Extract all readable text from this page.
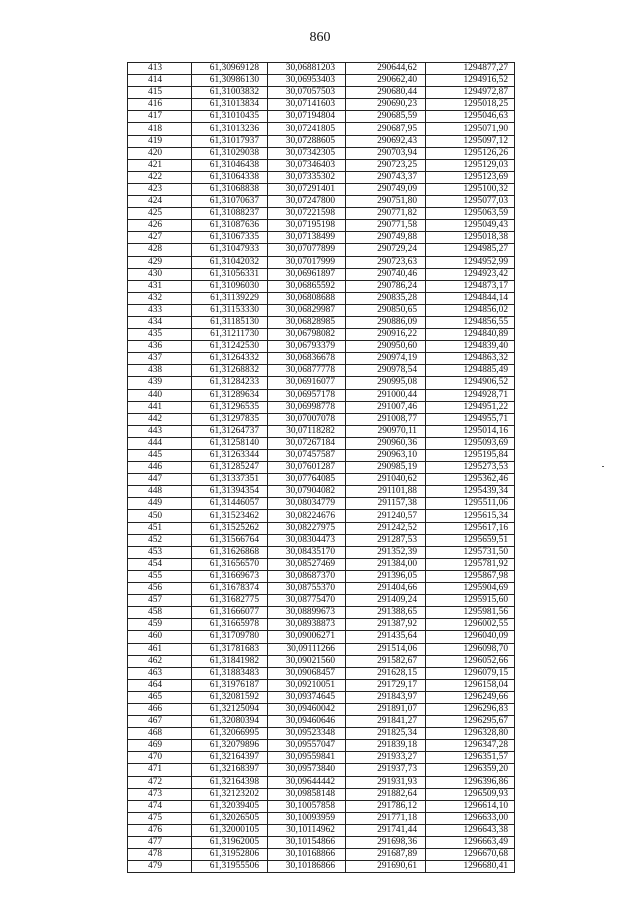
860
413	61,30969128	30,06881203	290644,62	1294877,27
414	61,30986130	30,06953403	290662,40	1294916,52
415	61,31003832	30,07057503	290680,44	1294972,87
416	61,31013834	30,07141603	290690,23	1295018,25
417	61,31010435	30,07194804	290685,59	1295046,63
418	61,31013236	30,07241805	290687,95	1295071,90
419	61,31017937	30,07288605	290692,43	1295097,12
420	61,31029038	30,07342305	290703,94	1295126,26
421	61,31046438	30,07346403	290723,25	1295129,03
422	61,31064338	30,07335302	290743,37	1295123,69
423	61,31068838	30,07291401	290749,09	1295100,32
424	61,31070637	30,07247800	290751,80	1295077,03
425	61,31088237	30,07221598	290771,82	1295063,59
426	61,31087636	30,07195198	290771,58	1295049,43
427	61,31067335	30,07138499	290749,88	1295018,38
428	61,31047933	30,07077899	290729,24	1294985,27
429	61,31042032	30,07017999	290723,63	1294952,99
430	61,31056331	30,06961897	290740,46	1294923,42
431	61,31096030	30,06865592	290786,24	1294873,17
432	61,31139229	30,06808688	290835,28	1294844,14
433	61,31153330	30,06829987	290850,65	1294856,02
434	61,31185130	30,06828985	290886,09	1294856,55
435	61,31211730	30,06798082	290916,22	1294840,89
436	61,31242530	30,06793379	290950,60	1294839,40
437	61,31264332	30,06836678	290974,19	1294863,32
438	61,31268832	30,06877778	290978,54	1294885,49
439	61,31284233	30,06916077	290995,08	1294906,52
440	61,31289634	30,06957178	291000,44	1294928,71
441	61,31296535	30,06998778	291007,46	1294951,22
442	61,31297835	30,07007078	291008,77	1294955,71
443	61,31264737	30,07118282	290970,11	1295014,16
444	61,31258140	30,07267184	290960,36	1295093,69
445	61,31263344	30,07457587	290963,10	1295195,84
446	61,31285247	30,07601287	290985,19	1295273,53
447	61,31337351	30,07764085	291040,62	1295362,46
448	61,31394354	30,07904082	291101,88	1295439,34
449	61,31446057	30,08034779	291157,38	1295511,06
450	61,31523462	30,08224676	291240,57	1295615,34
451	61,31525262	30,08227975	291242,52	1295617,16
452	61,31566764	30,08304473	291287,53	1295659,51
453	61,31626868	30,08435170	291352,39	1295731,50
454	61,31656570	30,08527469	291384,00	1295781,92
455	61,31669673	30,08687370	291396,05	1295867,98
456	61,31678374	30,08755370	291404,66	1295904,69
457	61,31682775	30,08775470	291409,24	1295915,60
458	61,31666077	30,08899673	291388,65	1295981,56
459	61,31665978	30,08938873	291387,92	1296002,55
460	61,31709780	30,09006271	291435,64	1296040,09
461	61,31781683	30,09111266	291514,06	1296098,70
462	61,31841982	30,09021560	291582,67	1296052,66
463	61,31883483	30,09068457	291628,15	1296079,15
464	61,31976187	30,09210051	291729,17	1296158,04
465	61,32081592	30,09374645	291843,97	1296249,66
466	61,32125094	30,09460042	291891,07	1296296,83
467	61,32080394	30,09460646	291841,27	1296295,67
468	61,32066995	30,09523348	291825,34	1296328,80
469	61,32079896	30,09557047	291839,18	1296347,28
470	61,32164397	30,09559841	291933,27	1296351,57
471	61,32168397	30,09573840	291937,73	1296359,20
472	61,32164398	30,09644442	291931,93	1296396,86
473	61,32123202	30,09858148	291882,64	1296509,93
474	61,32039405	30,10057858	291786,12	1296614,10
475	61,32026505	30,10093959	291771,18	1296633,00
476	61,32000105	30,10114962	291741,44	1296643,38
477	61,31962005	30,10154866	291698,36	1296663,49
478	61,31952806	30,10168866	291687,89	1296670,68
479	61,31955506	30,10186866	291690,61	1296680,41
